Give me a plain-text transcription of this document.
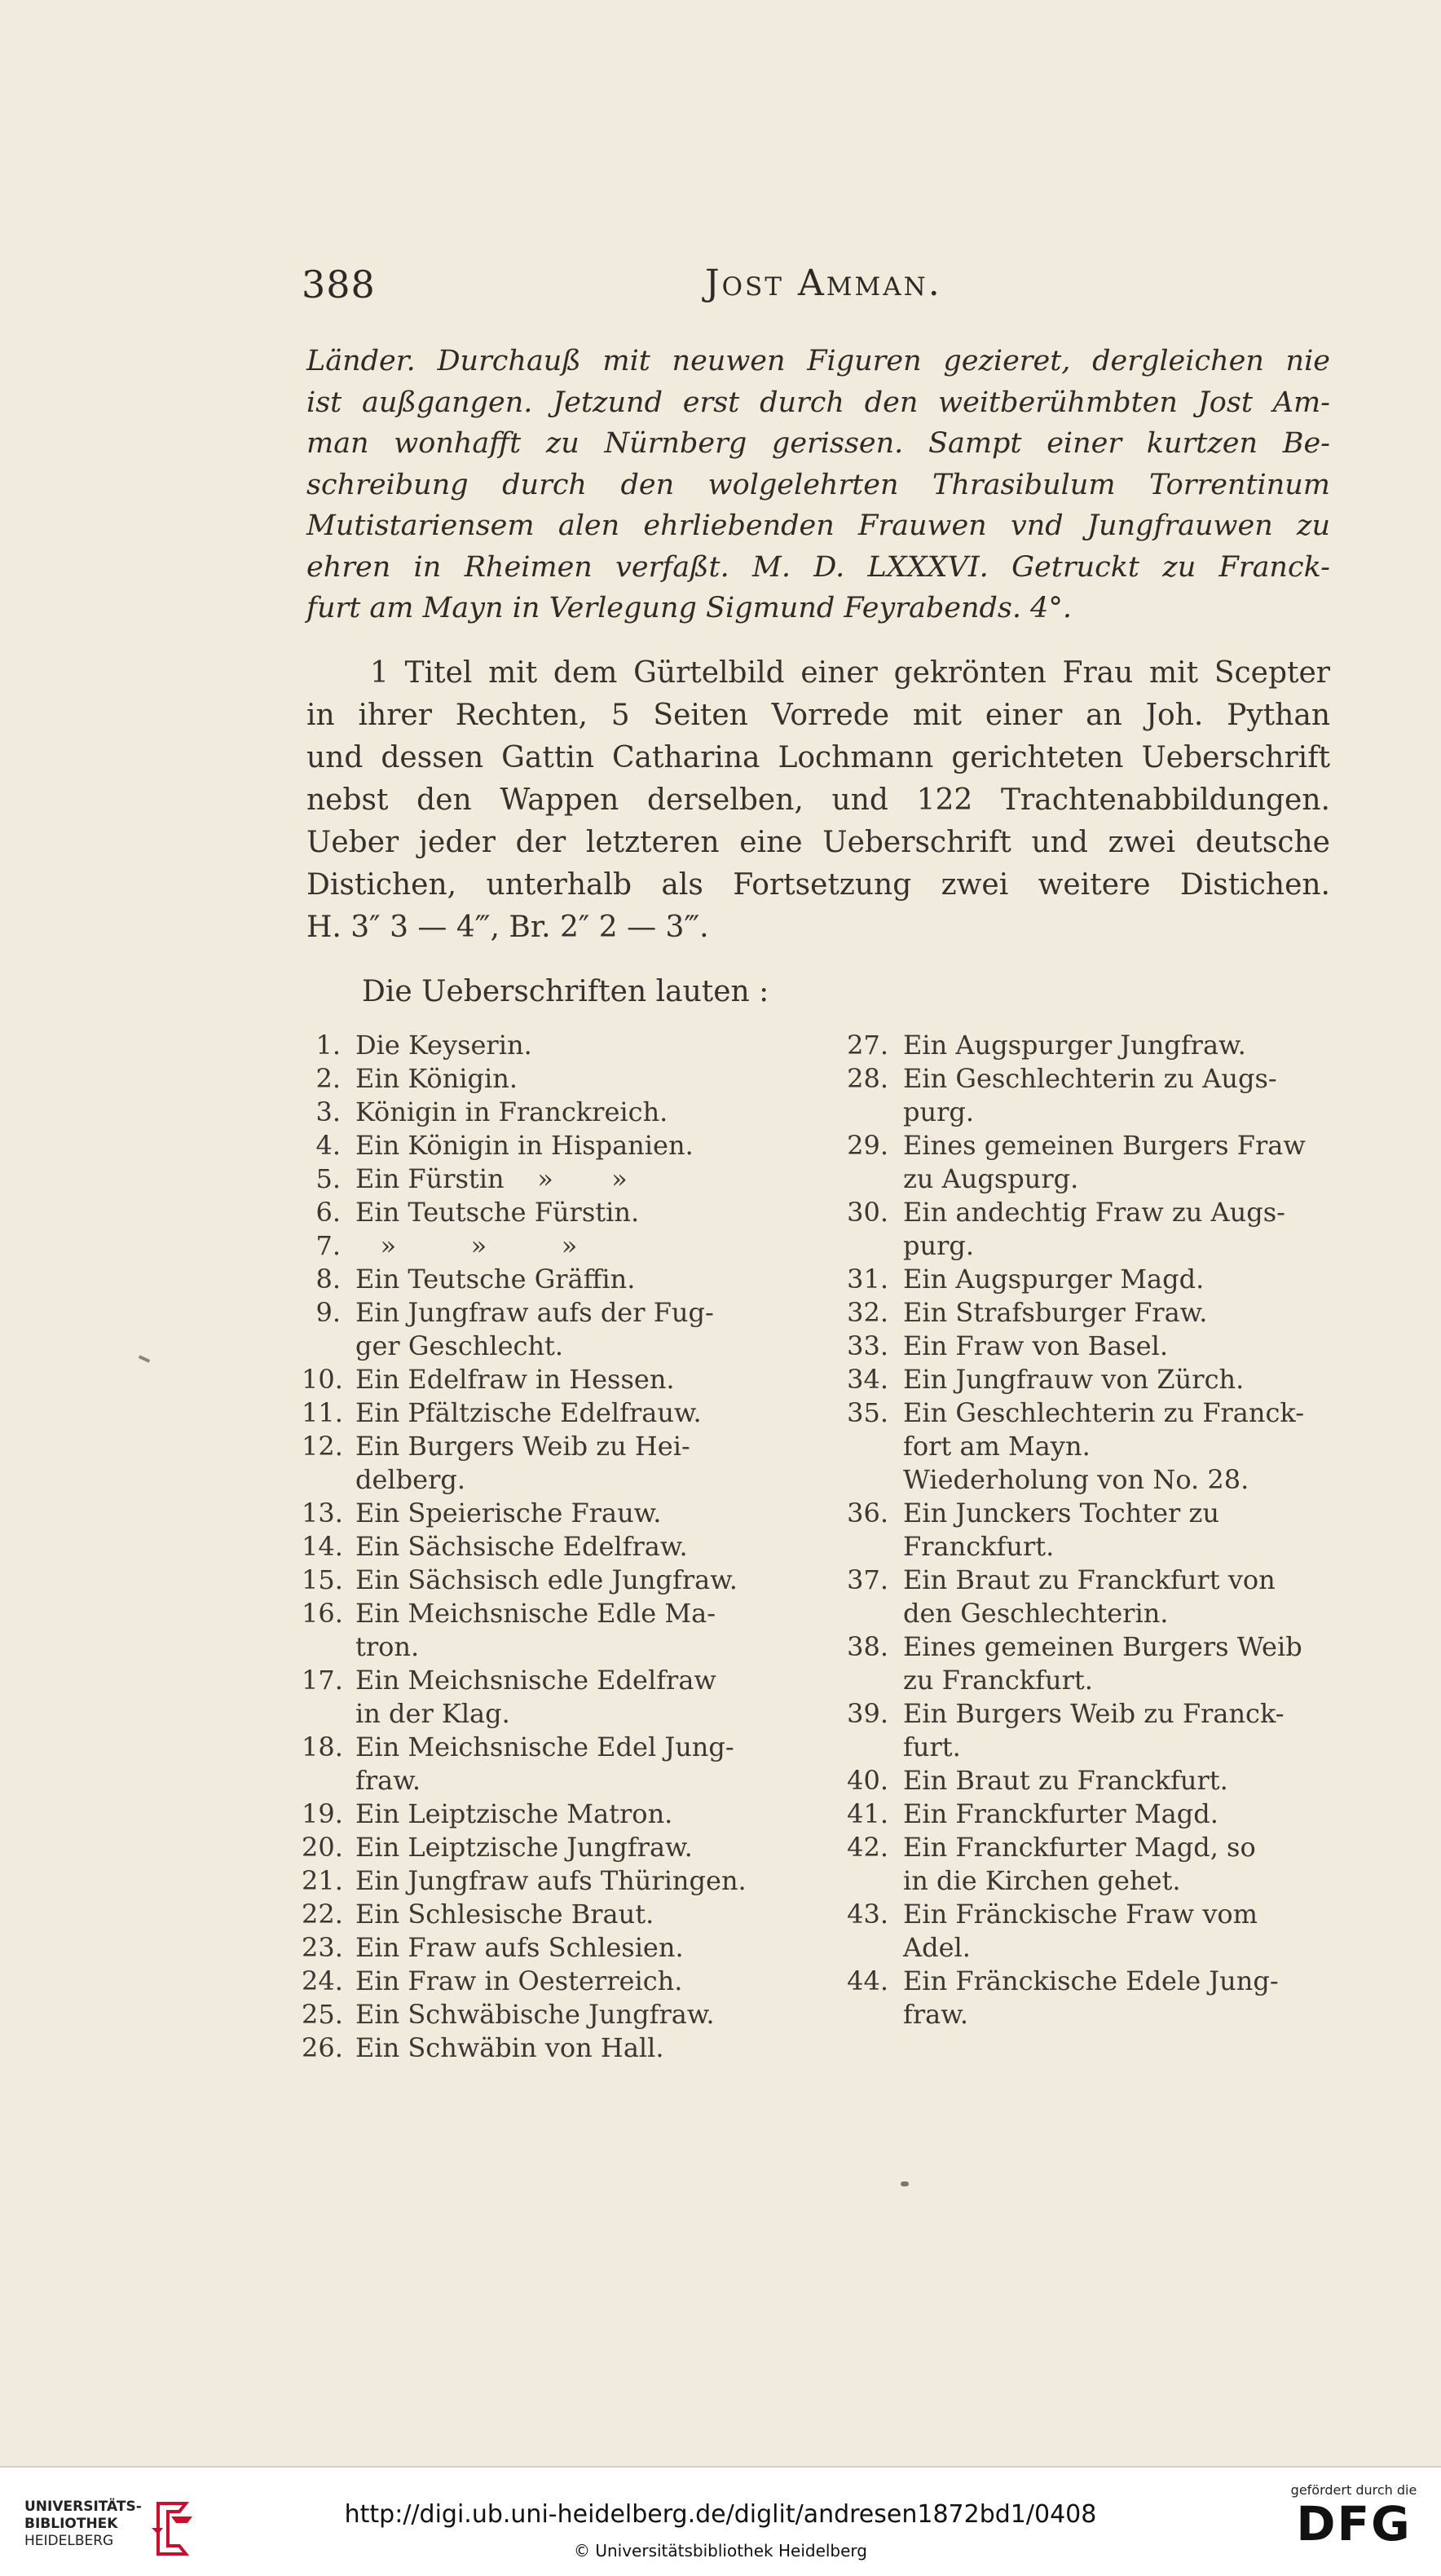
388	Jost Amman.
Länder. Durchauß mit neuwen Figuren gezieret, dergleichen nie
ist außgangen. Jetzund erst durch den weitberühmbten Jost Am-
man wonhafft zu Nürnberg gerissen. Sampt einer kurtzen Be-
schreibung durch den wolgelehrten Thrasibulum Torrentinum
Mutistariensem alen ehrliebenden Frauwen vnd Jungfrauwen zu
ehren in Rheimen verfaßt. M. D. LXXXVI. Getruckt zu Franck-
furt am Mayn in Verlegung Sigmund Feyrabends. 4°.
1 Titel mit dem Gürtelbild einer gekrönten Frau mit Scepter
in ihrer Rechten, 5 Seiten Vorrede mit einer an Joh. Pythan
und dessen Gattin Catharina Lochmann gerichteten Ueberschrift
nebst den Wappen derselben, und 122 Trachtenabbildungen.
Ueber jeder der letzteren eine Ueberschrift und zwei deutsche
Distichen, unterhalb als Fortsetzung zwei weitere Distichen.
H. 3″ 3 — 4‴, Br. 2″ 2 — 3‴.
Die Ueberschriften lauten :
1. Die Keyserin.
2. Ein Königin.
3. Königin in Franckreich.
4. Ein Königin in Hispanien.
5. Ein Fürstin    »       »
6. Ein Teutsche Fürstin.
7. »         »         »
8. Ein Teutsche Gräffin.
9. Ein Jungfraw aufs der Fug-
ger Geschlecht.
10. Ein Edelfraw in Hessen.
11. Ein Pfältzische Edelfrauw.
12. Ein Burgers Weib zu Hei-
delberg.
13. Ein Speierische Frauw.
14. Ein Sächsische Edelfraw.
15. Ein Sächsisch edle Jungfraw.
16. Ein Meichsnische Edle Ma-
tron.
17. Ein Meichsnische Edelfraw
in der Klag.
18. Ein Meichsnische Edel Jung-
fraw.
19. Ein Leiptzische Matron.
20. Ein Leiptzische Jungfraw.
21. Ein Jungfraw aufs Thüringen.
22. Ein Schlesische Braut.
23. Ein Fraw aufs Schlesien.
24. Ein Fraw in Oesterreich.
25. Ein Schwäbische Jungfraw.
26. Ein Schwäbin von Hall.
27. Ein Augspurger Jungfraw.
28. Ein Geschlechterin zu Augs-
purg.
29. Eines gemeinen Burgers Fraw
zu Augspurg.
30. Ein andechtig Fraw zu Augs-
purg.
31. Ein Augspurger Magd.
32. Ein Strafsburger Fraw.
33. Ein Fraw von Basel.
34. Ein Jungfrauw von Zürch.
35. Ein Geschlechterin zu Franck-
fort am Mayn.
Wiederholung von No. 28.
36. Ein Junckers Tochter zu
Franckfurt.
37. Ein Braut zu Franckfurt von
den Geschlechterin.
38. Eines gemeinen Burgers Weib
zu Franckfurt.
39. Ein Burgers Weib zu Franck-
furt.
40. Ein Braut zu Franckfurt.
41. Ein Franckfurter Magd.
42. Ein Franckfurter Magd, so
in die Kirchen gehet.
43. Ein Fränckische Fraw vom
Adel.
44. Ein Fränckische Edele Jung-
fraw.
UNIVERSITÄTS-
BIBLIOTHEK
HEIDELBERG
http://digi.ub.uni-heidelberg.de/diglit/andresen1872bd1/0408
© Universitätsbibliothek Heidelberg
gefördert durch die
DFG
